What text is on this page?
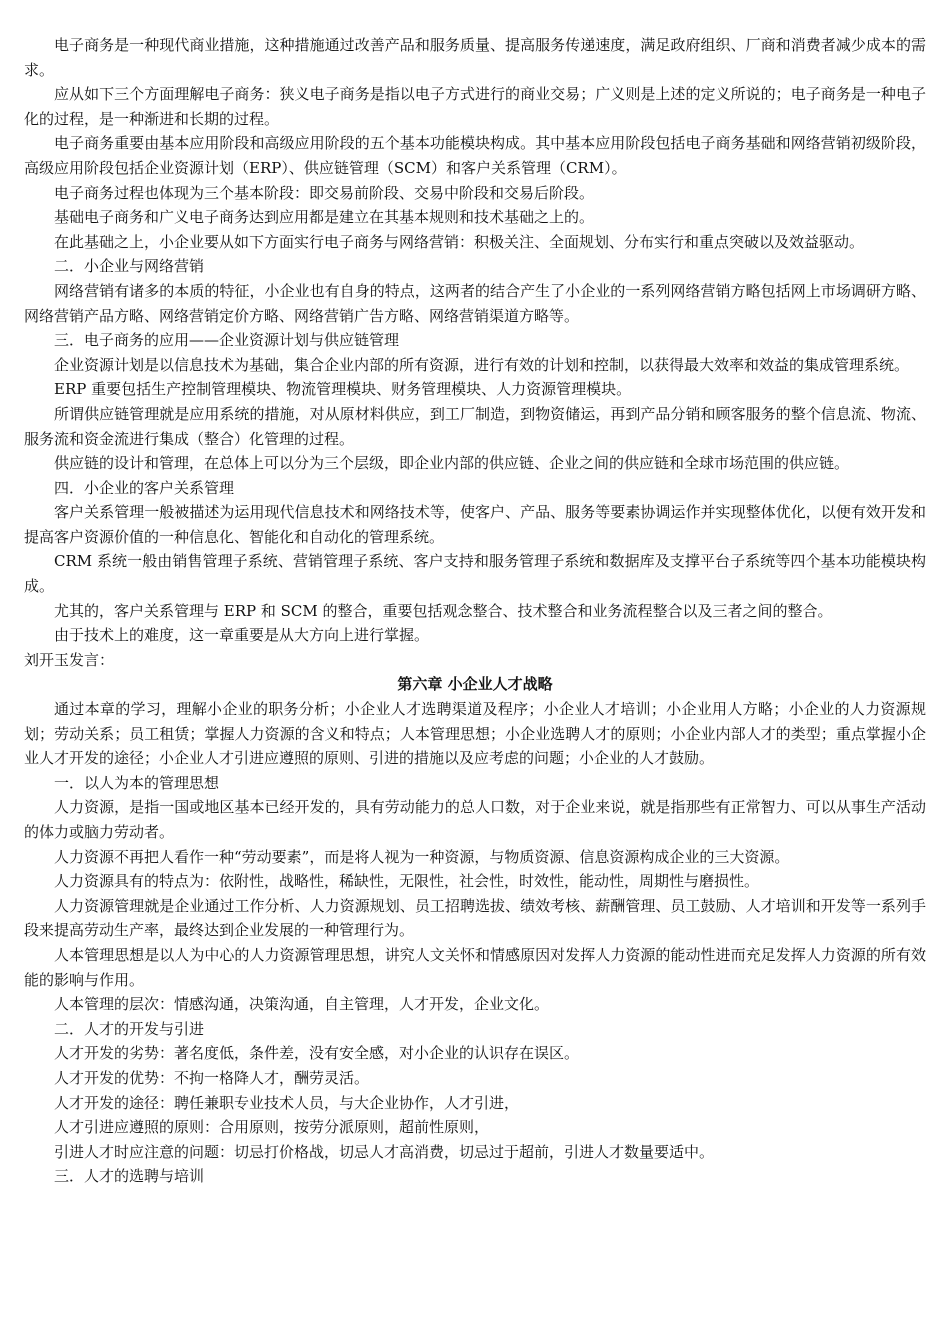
电子商务是一种现代商业措施，这种措施通过改善产品和服务质量、提高服务传递速度，满足政府组织、厂商和消费者减少成本的需求。

应从如下三个方面理解电子商务：狭义电子商务是指以电子方式进行的商业交易；广义则是上述的定义所说的；电子商务是一种电子化的过程，是一种渐进和长期的过程。

电子商务重要由基本应用阶段和高级应用阶段的五个基本功能模块构成。其中基本应用阶段包括电子商务基础和网络营销初级阶段，高级应用阶段包括企业资源计划（ERP）、供应链管理（SCM）和客户关系管理（CRM）。

电子商务过程也体现为三个基本阶段：即交易前阶段、交易中阶段和交易后阶段。

基础电子商务和广义电子商务达到应用都是建立在其基本规则和技术基础之上的。

在此基础之上，小企业要从如下方面实行电子商务与网络营销：积极关注、全面规划、分布实行和重点突破以及效益驱动。

二．小企业与网络营销

网络营销有诸多的本质的特征，小企业也有自身的特点，这两者的结合产生了小企业的一系列网络营销方略包括网上市场调研方略、网络营销产品方略、网络营销定价方略、网络营销广告方略、网络营销渠道方略等。

三．电子商务的应用——企业资源计划与供应链管理

企业资源计划是以信息技术为基础，集合企业内部的所有资源，进行有效的计划和控制，以获得最大效率和效益的集成管理系统。

ERP 重要包括生产控制管理模块、物流管理模块、财务管理模块、人力资源管理模块。

所谓供应链管理就是应用系统的措施，对从原材料供应，到工厂制造，到物资储运，再到产品分销和顾客服务的整个信息流、物流、服务流和资金流进行集成（整合）化管理的过程。

供应链的设计和管理，在总体上可以分为三个层级，即企业内部的供应链、企业之间的供应链和全球市场范围的供应链。

四．小企业的客户关系管理

客户关系管理一般被描述为运用现代信息技术和网络技术等，使客户、产品、服务等要素协调运作并实现整体优化，以便有效开发和提高客户资源价值的一种信息化、智能化和自动化的管理系统。

CRM 系统一般由销售管理子系统、营销管理子系统、客户支持和服务管理子系统和数据库及支撑平台子系统等四个基本功能模块构成。

尤其的，客户关系管理与 ERP 和 SCM 的整合，重要包括观念整合、技术整合和业务流程整合以及三者之间的整合。

由于技术上的难度，这一章重要是从大方向上进行掌握。

刘开玉发言：

第六章 小企业人才战略

通过本章的学习，理解小企业的职务分析；小企业人才选聘渠道及程序；小企业人才培训；小企业用人方略；小企业的人力资源规划；劳动关系；员工租赁；掌握人力资源的含义和特点；人本管理思想；小企业选聘人才的原则；小企业内部人才的类型；重点掌握小企业人才开发的途径；小企业人才引进应遵照的原则、引进的措施以及应考虑的问题；小企业的人才鼓励。

一．以人为本的管理思想

人力资源，是指一国或地区基本已经开发的，具有劳动能力的总人口数，对于企业来说，就是指那些有正常智力、可以从事生产活动的体力或脑力劳动者。

人力资源不再把人看作一种“劳动要素”，而是将人视为一种资源，与物质资源、信息资源构成企业的三大资源。

人力资源具有的特点为：依附性，战略性，稀缺性，无限性，社会性，时效性，能动性，周期性与磨损性。

人力资源管理就是企业通过工作分析、人力资源规划、员工招聘选拔、绩效考核、薪酬管理、员工鼓励、人才培训和开发等一系列手段来提高劳动生产率，最终达到企业发展的一种管理行为。

人本管理思想是以人为中心的人力资源管理思想，讲究人文关怀和情感原因对发挥人力资源的能动性进而充足发挥人力资源的所有效能的影响与作用。

人本管理的层次：情感沟通，决策沟通，自主管理，人才开发，企业文化。

二．人才的开发与引进

人才开发的劣势：著名度低，条件差，没有安全感，对小企业的认识存在误区。

人才开发的优势：不拘一格降人才，酬劳灵活。

人才开发的途径：聘任兼职专业技术人员，与大企业协作，人才引进，

人才引进应遵照的原则：合用原则，按劳分派原则，超前性原则，

引进人才时应注意的问题：切忌打价格战，切忌人才高消费，切忌过于超前，引进人才数量要适中。

三．人才的选聘与培训
